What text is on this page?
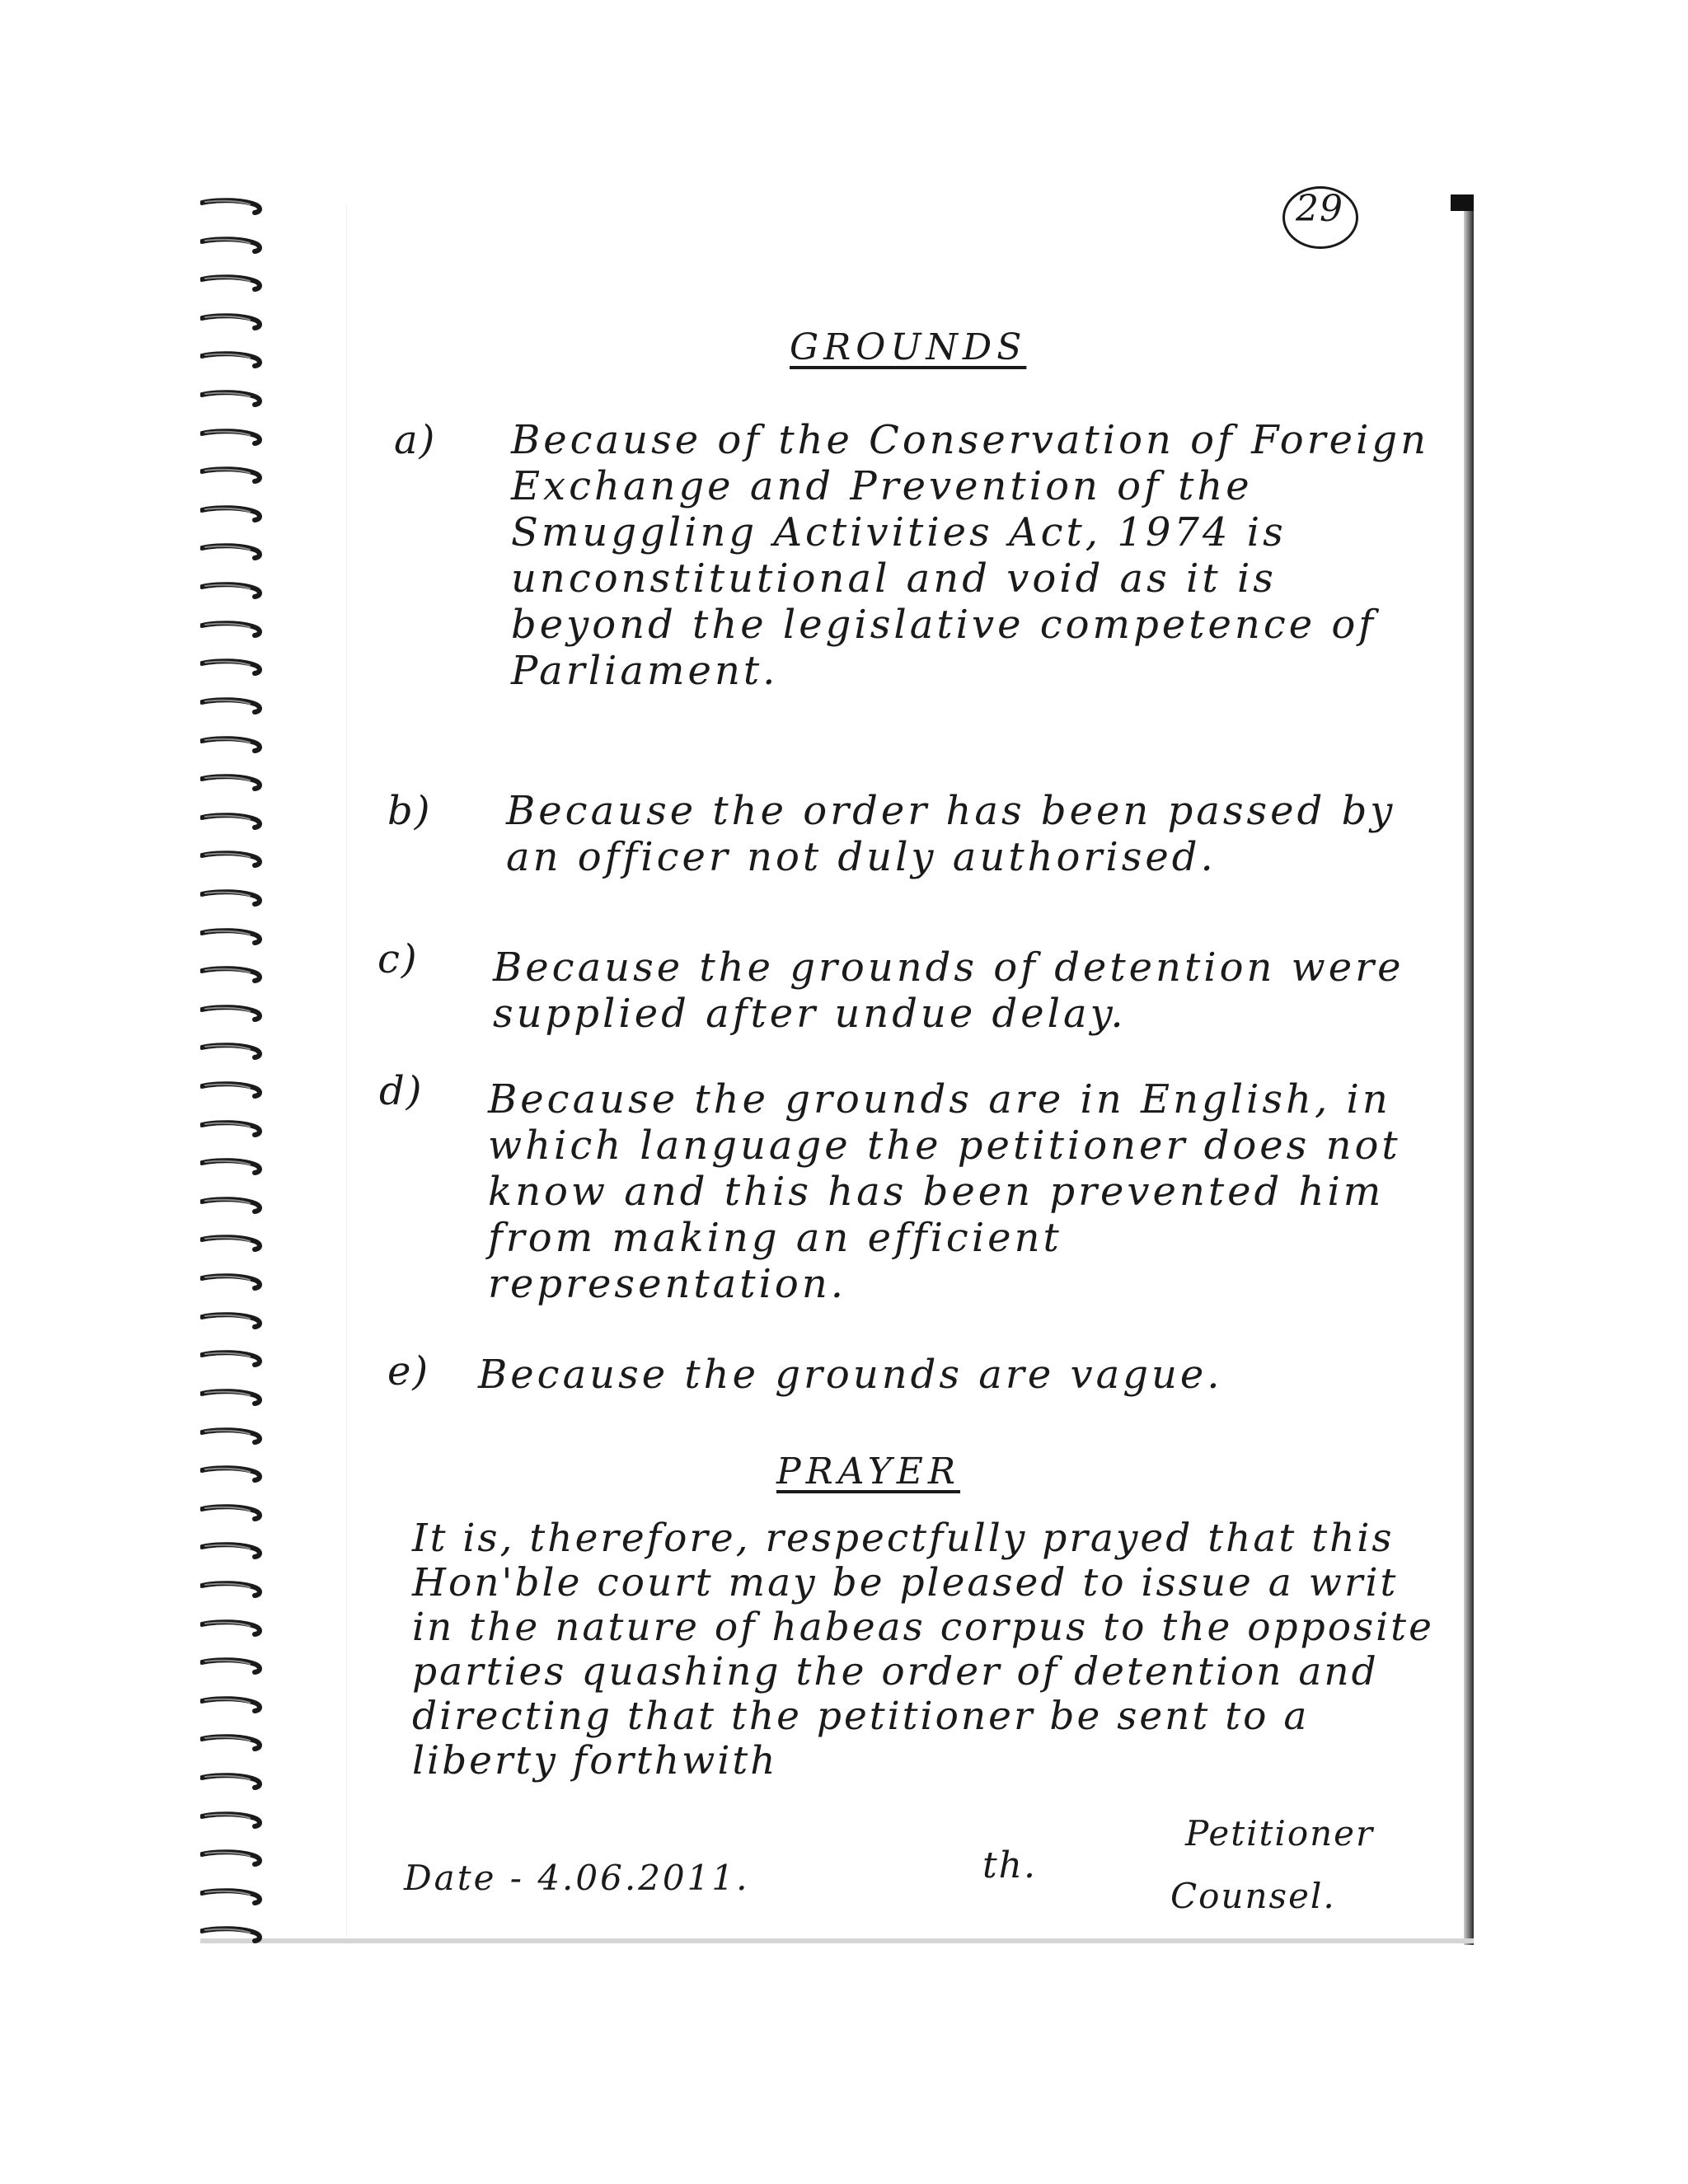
29
GROUNDS
a) Because of the Conservation of Foreign Exchange and Prevention of the Smuggling Activities Act, 1974 is unconstitutional and void as it is beyond the legislative competence of Parliament.
b) Because the order has been passed by an officer not duly authorised.
c) Because the grounds of detention were supplied after undue delay.
d) Because the grounds are in English, in which language the petitioner does not know and this has been prevented him from making an efficient representation.
e) Because the grounds are vague.
PRAYER
It is, therefore, respectfully prayed that this Hon'ble court may be pleased to issue a writ in the nature of habeas corpus to the opposite parties quashing the order of detention and directing that the petitioner be sent to a liberty forthwith
Petitioner
th.
Date - 4.06.2011.	Counsel.
